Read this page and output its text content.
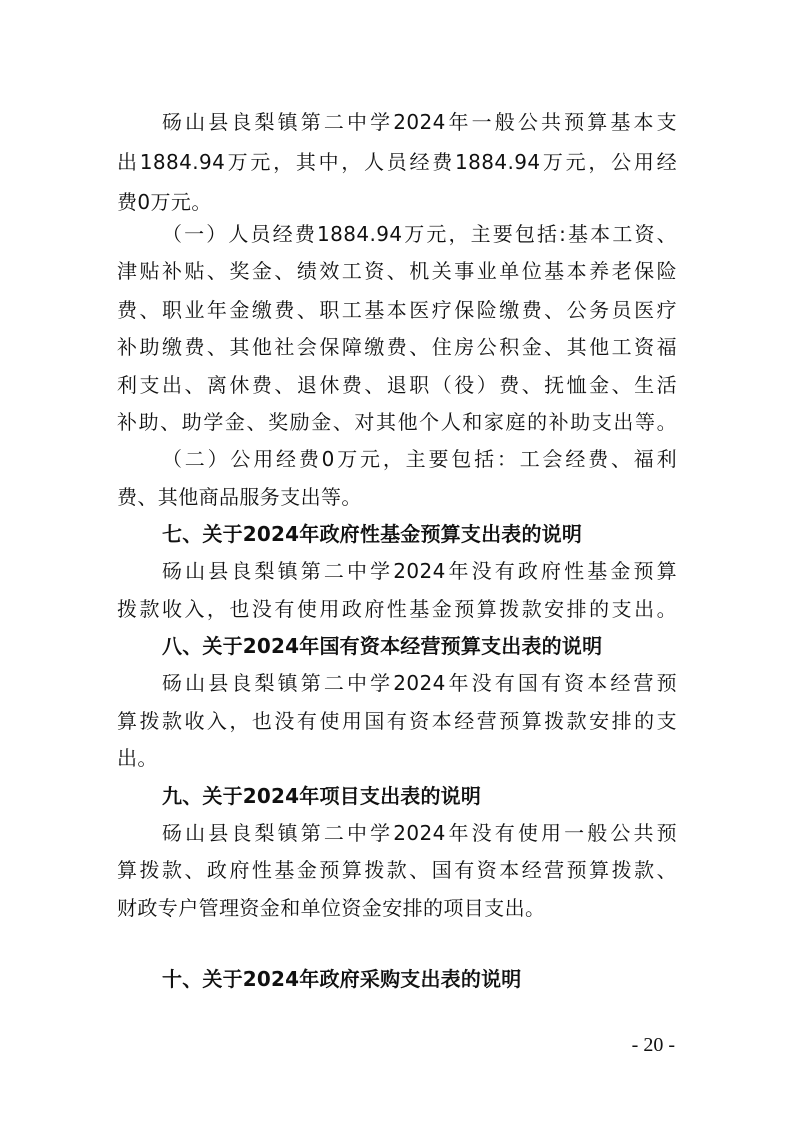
砀山县良梨镇第二中学2024年一般公共预算基本支
出1884.94万元，其中，人员经费1884.94万元，公用经
费0万元。
（一）人员经费1884.94万元，主要包括:基本工资、
津贴补贴、奖金、绩效工资、机关事业单位基本养老保险
费、职业年金缴费、职工基本医疗保险缴费、公务员医疗
补助缴费、其他社会保障缴费、住房公积金、其他工资福
利支出、离休费、退休费、退职（役）费、抚恤金、生活
补助、助学金、奖励金、对其他个人和家庭的补助支出等。
（二）公用经费0万元，主要包括：工会经费、福利
费、其他商品服务支出等。
七、关于2024年政府性基金预算支出表的说明
砀山县良梨镇第二中学2024年没有政府性基金预算
拨款收入，也没有使用政府性基金预算拨款安排的支出。
八、关于2024年国有资本经营预算支出表的说明
砀山县良梨镇第二中学2024年没有国有资本经营预
算拨款收入，也没有使用国有资本经营预算拨款安排的支
出。
九、关于2024年项目支出表的说明
砀山县良梨镇第二中学2024年没有使用一般公共预
算拨款、政府性基金预算拨款、国有资本经营预算拨款、
财政专户管理资金和单位资金安排的项目支出。
十、关于2024年政府采购支出表的说明
- 20 -
